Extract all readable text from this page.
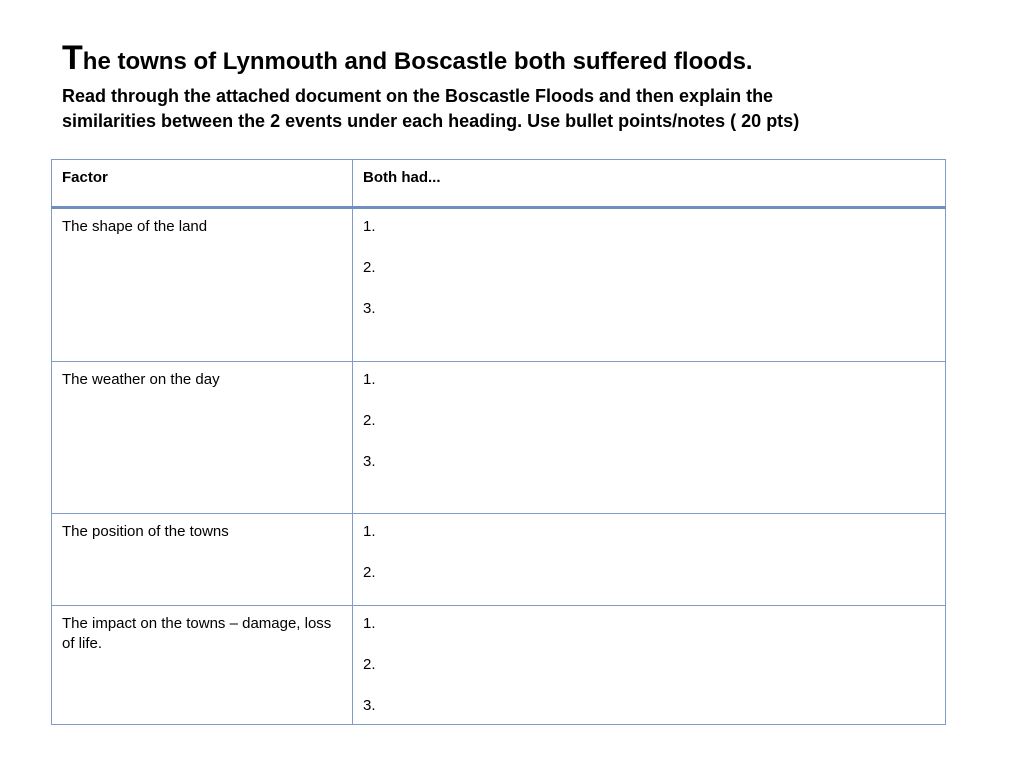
The towns of Lynmouth and Boscastle both suffered floods.
Read through the attached document on the Boscastle Floods and then explain the
similarities between the 2 events under each heading. Use bullet points/notes ( 20 pts)
Factor	Both had...
The shape of the land	1.
2.
3.

The weather on the day	1.
2.
3.

The position of the towns	1.
2.

The impact on the towns – damage, loss of life.	1.
2.
3.
